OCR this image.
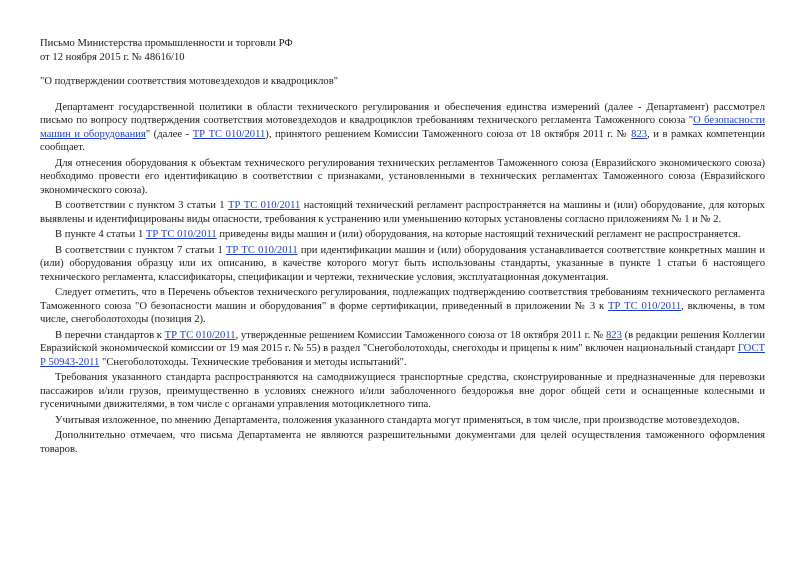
Письмо Министерства промышленности и торговли РФ

от 12 ноября 2015 г. № 48616/10

"О подтверждении соответствия мотовездеходов и квадроциклов"

Департамент государственной политики в области технического регулирования и обеспечения единства измерений (далее - Департамент) рассмотрел письмо по вопросу подтверждения соответствия мотовездеходов и квадроциклов требованиям технического регламента Таможенного союза "О безопасности машин и оборудования" (далее - ТР ТС 010/2011), принятого решением Комиссии Таможенного союза от 18 октября 2011 г. № 823, и в рамках компетенции сообщает.

Для отнесения оборудования к объектам технического регулирования технических регламентов Таможенного союза (Евразийского экономического союза) необходимо провести его идентификацию в соответствии с признаками, установленными в технических регламентах Таможенного союза (Евразийского экономического союза).

В соответствии с пунктом 3 статьи 1 ТР ТС 010/2011 настоящий технический регламент распространяется на машины и (или) оборудование, для которых выявлены и идентифицированы виды опасности, требования к устранению или уменьшению которых установлены согласно приложениям № 1 и № 2.

В пункте 4 статьи 1 ТР ТС 010/2011 приведены виды машин и (или) оборудования, на которые настоящий технический регламент не распространяется.

В соответствии с пунктом 7 статьи 1 ТР ТС 010/2011 при идентификации машин и (или) оборудования устанавливается соответствие конкретных машин и (или) оборудования образцу или их описанию, в качестве которого могут быть использованы стандарты, указанные в пункте 1 статьи 6 настоящего технического регламента, классификаторы, спецификации и чертежи, технические условия, эксплуатационная документация.

Следует отметить, что в Перечень объектов технического регулирования, подлежащих подтверждению соответствия требованиям технического регламента Таможенного союза "О безопасности машин и оборудования" в форме сертификации, приведенный в приложении № 3 к ТР ТС 010/2011, включены, в том числе, снегоболотоходы (позиция 2).

В перечни стандартов к ТР ТС 010/2011, утвержденные решением Комиссии Таможенного союза от 18 октября 2011 г. № 823 (в редакции решения Коллегии Евразийской экономической комиссии от 19 мая 2015 г. № 55) в раздел "Снегоболотоходы, снегоходы и прицепы к ним" включен национальный стандарт ГОСТ Р 50943-2011 "Снегоболотоходы. Технические требования и методы испытаний".

Требования указанного стандарта распространяются на самодвижущиеся транспортные средства, сконструированные и предназначенные для перевозки пассажиров и/или грузов, преимущественно в условиях снежного и/или заболоченного бездорожья вне дорог общей сети и оснащенные колесными и гусеничными движителями, в том числе с органами управления мотоциклетного типа.

Учитывая изложенное, по мнению Департамента, положения указанного стандарта могут применяться, в том числе, при производстве мотовездеходов.

Дополнительно отмечаем, что письма Департамента не являются разрешительными документами для целей осуществления таможенного оформления товаров.
